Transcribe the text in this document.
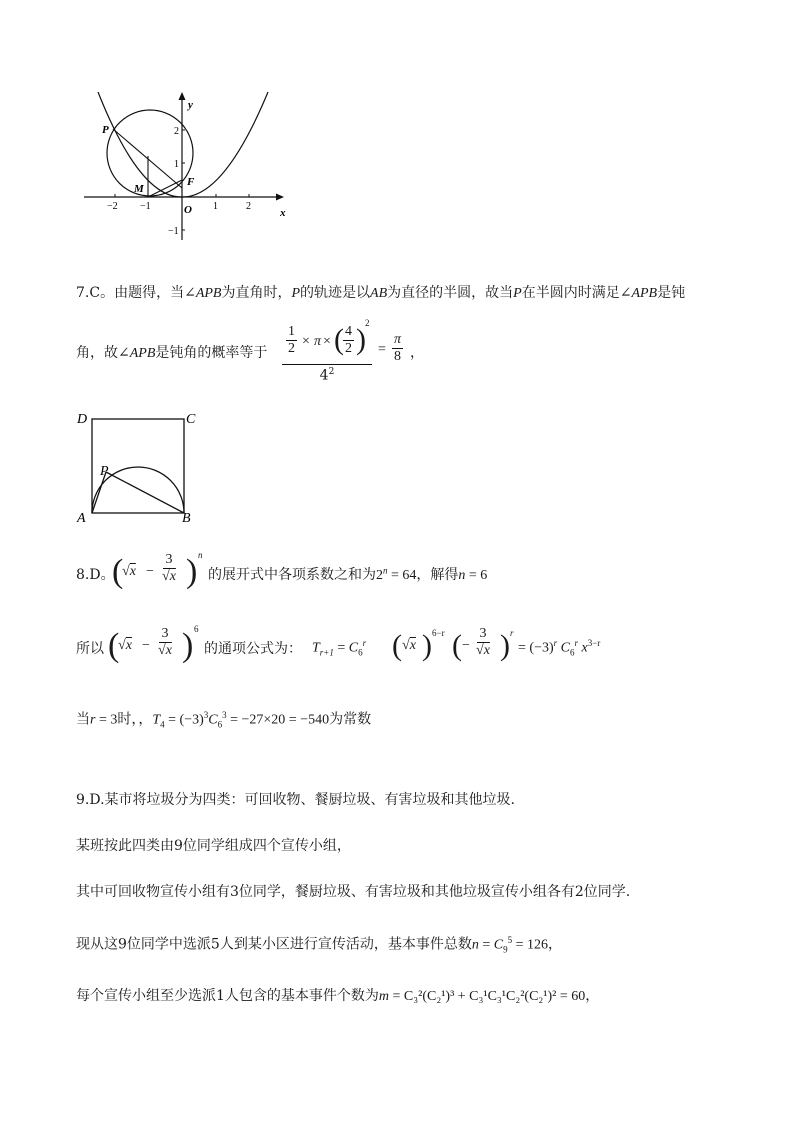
y
x
P
M
F
O
−2 −1	1	2
2
1
−1
7.C。由题得，当∠APB为直角时，P的轨迹是以AB为直径的半圆，故当P在半圆内时满足∠APB是钝
角，故∠APB是钝角的概率等于 $\frac{1}{2} \times \pi$ × ( $\frac{4}{2}$ ) 2
$4^2$
= $\frac{\pi}{8}$ ，
D	C
P
A	B
8.D。
(
$√x - \frac{3}{√x}$ ) n
的展开式中各项系数之和为$2^n = 64$，解得n = 6
所以 (
$√x - \frac{3}{√x}$ ) 6
的通项公式为： $T_{r+1} = C_6^r$ ( √x ) 6−r ( − $\frac{3}{√x}$ ) r
= $(-3)^r$ $C_6^r$ $x^{3-r}$
当r = 3时，，$T_4 = (-3)^3C_6^3 = -27\times 20 = -540$为常数
9.D.某市将垃圾分为四类：可回收物、餐厨垃圾、有害垃圾和其他垃圾.
某班按此四类由9位同学组成四个宣传小组，
其中可回收物宣传小组有3位同学，餐厨垃圾、有害垃圾和其他垃圾宣传小组各有2位同学.
现从这9位同学中选派5人到某小区进行宣传活动，基本事件总数$n = C_9^5 = 126$，
每个宣传小组至少选派1人包含的基本事件个数为m = C₃²(C₂¹)³ + C₃¹C₃¹C₂²(C₂¹)² = 60，
